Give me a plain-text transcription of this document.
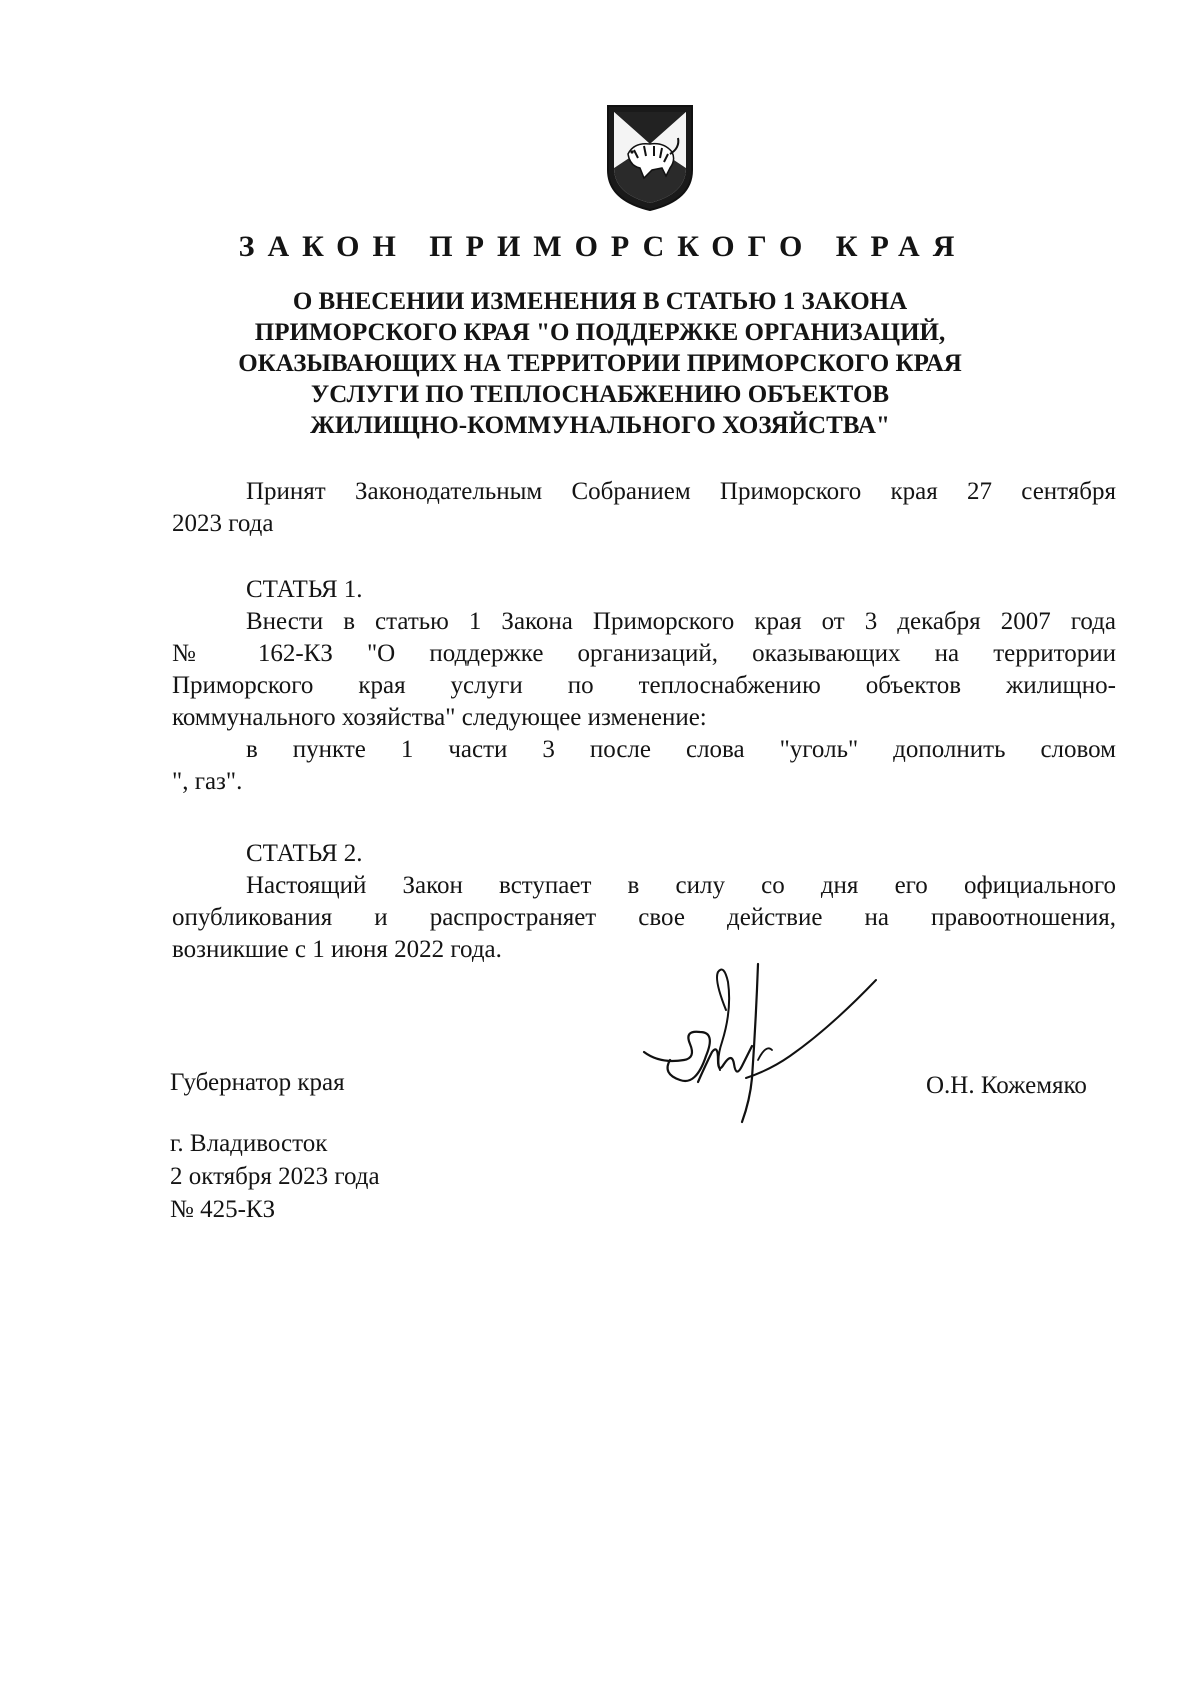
ЗАКОН ПРИМОРСКОГО КРАЯ
О ВНЕСЕНИИ ИЗМЕНЕНИЯ В СТАТЬЮ 1 ЗАКОНА
ПРИМОРСКОГО КРАЯ "О ПОДДЕРЖКЕ ОРГАНИЗАЦИЙ,
ОКАЗЫВАЮЩИХ НА ТЕРРИТОРИИ ПРИМОРСКОГО КРАЯ
УСЛУГИ ПО ТЕПЛОСНАБЖЕНИЮ ОБЪЕКТОВ
ЖИЛИЩНО-КОММУНАЛЬНОГО ХОЗЯЙСТВА"
Принят Законодательным Собранием Приморского края 27 сентября
2023 года
СТАТЬЯ 1.
Внести в статью 1 Закона Приморского края от 3 декабря 2007 года
№ 162-КЗ "О поддержке организаций, оказывающих на территории
Приморского края услуги по теплоснабжению объектов жилищно-
коммунального хозяйства" следующее изменение:
в пункте 1 части 3 после слова "уголь" дополнить словом
", газ".
СТАТЬЯ 2.
Настоящий Закон вступает в силу со дня его официального
опубликования и распространяет свое действие на правоотношения,
возникшие с 1 июня 2022 года.
Губернатор края	О.Н. Кожемяко
г. Владивосток
2 октября 2023 года
№ 425-КЗ
